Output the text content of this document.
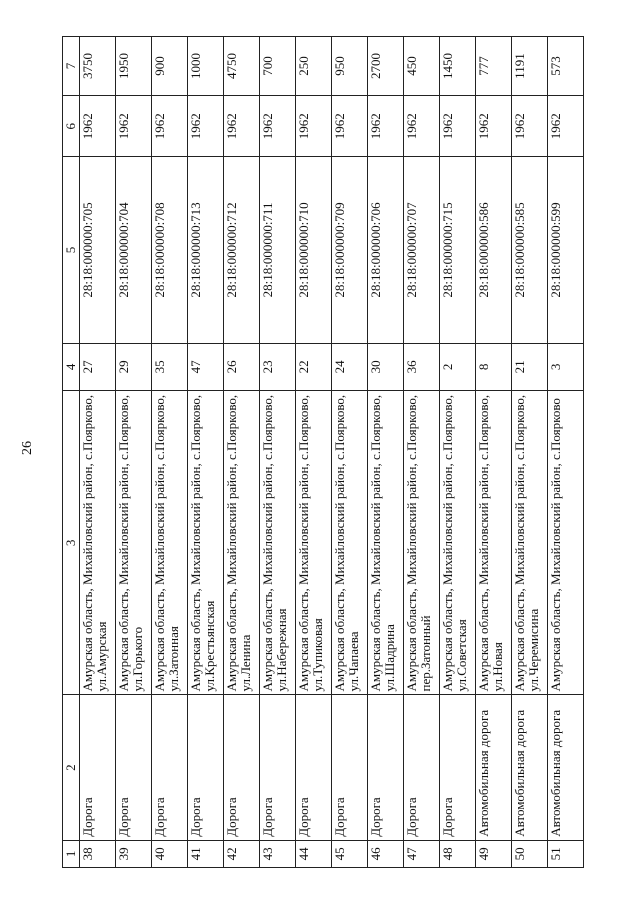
26
1	2	3	4	5	6	7
38	Дорога	Амурская область, Михайловский район, с.Поярково, ул.Амурская	27	28:18:000000:705	1962	3750
39	Дорога	Амурская область, Михайловский район, с.Поярково, ул.Горького	29	28:18:000000:704	1962	1950
40	Дорога	Амурская область, Михайловский район, с.Поярково, ул.Затонная	35	28:18:000000:708	1962	900
41	Дорога	Амурская область, Михайловский район, с.Поярково, ул.Крестьянская	47	28:18:000000:713	1962	1000
42	Дорога	Амурская область, Михайловский район, с.Поярково, ул.Ленина	26	28:18:000000:712	1962	4750
43	Дорога	Амурская область, Михайловский район, с.Поярково, ул.Набережная	23	28:18:000000:711	1962	700
44	Дорога	Амурская область, Михайловский район, с.Поярково, ул.Тупиковая	22	28:18:000000:710	1962	250
45	Дорога	Амурская область, Михайловский район, с.Поярково, ул.Чапаева	24	28:18:000000:709	1962	950
46	Дорога	Амурская область, Михайловский район, с.Поярково, ул.Шадрина	30	28:18:000000:706	1962	2700
47	Дорога	Амурская область, Михайловский район, с.Поярково, пер.Затонный	36	28:18:000000:707	1962	450
48	Дорога	Амурская область, Михайловский район, с.Поярково, ул.Советская	2	28:18:000000:715	1962	1450
49	Автомобильная дорога	Амурская область, Михайловский район, с.Поярково, ул.Новая	8	28:18:000000:586	1962	777
50	Автомобильная дорога	Амурская область, Михайловский район, с.Поярково, ул.Черемисина	21	28:18:000000:585	1962	1191
51	Автомобильная дорога	Амурская область, Михайловский район, с.Поярково	3	28:18:000000:599	1962	573
